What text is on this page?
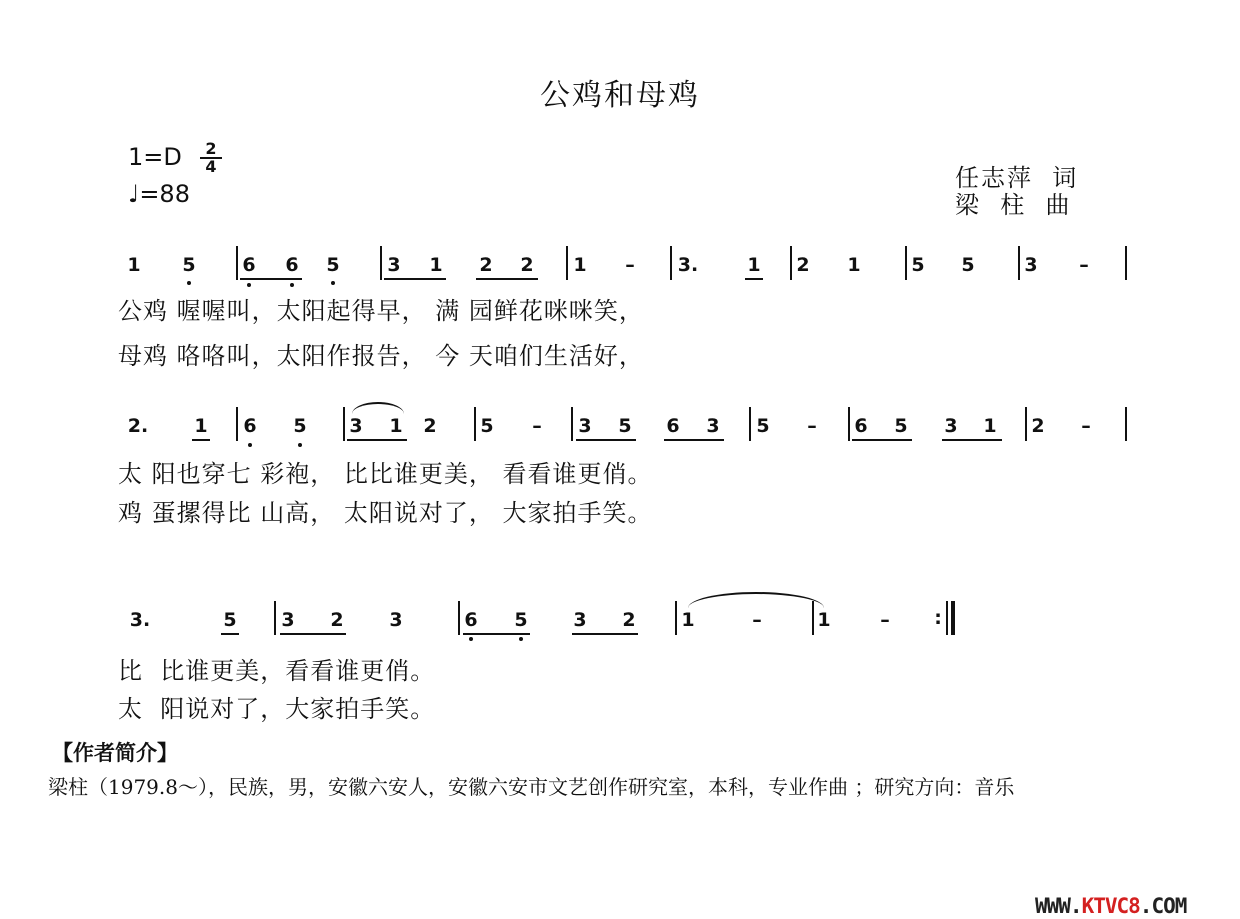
公鸡和母鸡
$1=D \frac{2}{4}$
♩=88
任志萍  词
梁  柱  曲
1 5 6 6 5	3 1 2 2 1	–	3.	1 2 1	5 5	3	–
公鸡 喔喔叫，太阳起得早， 满 园鲜花咪咪笑，
母鸡 咯咯叫，太阳作报告， 今 天咱们生活好，
2. 1 6 5 3 1 2 5	–	3 5 6 3 5	–	6 5 3 1 2	–
太 阳也穿七 彩袍， 比比谁更美， 看看谁更俏。
鸡 蛋摞得比 山高， 太阳说对了， 大家拍手笑。
3.	5 3 2 3	6 5 3 2 1	–	1	–	:
比  比谁更美，看看谁更俏。
太  阳说对了，大家拍手笑。
【作者简介】
梁柱（1979.8～），民族，男，安徽六安人，安徽六安市文艺创作研究室，本科，专业作曲 ；研究方向：音乐
WWW.KTVC8.COM
